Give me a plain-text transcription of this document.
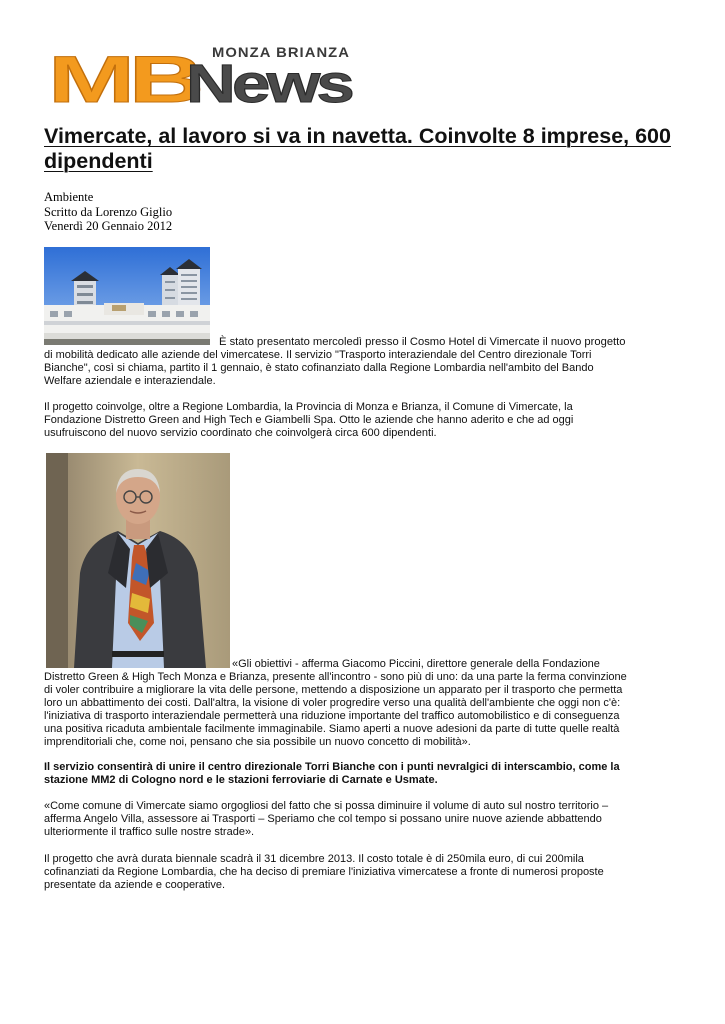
MB
News
MONZA BRIANZA
Vimercate, al lavoro si va in navetta. Coinvolte 8 imprese, 600
dipendenti
Ambiente
Scritto da Lorenzo Giglio
Venerdì 20 Gennaio 2012

È stato presentato mercoledì presso il Cosmo Hotel di Vimercate il nuovo progetto
di mobilità dedicato alle aziende del vimercatese. Il servizio "Trasporto interaziendale del Centro direzionale Torri
Bianche", così si chiama, partito il 1 gennaio, è stato cofinanziato dalla Regione Lombardia nell'ambito del Bando
Welfare aziendale e interaziendale.

Il progetto coinvolge, oltre a Regione Lombardia, la Provincia di Monza e Brianza, il Comune di Vimercate, la
Fondazione Distretto Green and High Tech e Giambelli Spa. Otto le aziende che hanno aderito e che ad oggi
usufruiscono del nuovo servizio coordinato che coinvolgerà circa 600 dipendenti.

«Gli obiettivi - afferma Giacomo Piccini, direttore generale della Fondazione
Distretto Green & High Tech Monza e Brianza, presente all'incontro - sono più di uno: da una parte la ferma convinzione
di voler contribuire a migliorare la vita delle persone, mettendo a disposizione un apparato per il trasporto che permetta
loro un abbattimento dei costi. Dall'altra, la visione di voler progredire verso una qualità dell'ambiente che oggi non c'è:
l'iniziativa di trasporto interaziendale permetterà una riduzione importante del traffico automobilistico e di conseguenza
una positiva ricaduta ambientale facilmente immaginabile. Siamo aperti a nuove adesioni da parte di tutte quelle realtà
imprenditoriali che, come noi, pensano che sia possibile un nuovo concetto di mobilità».

Il servizio consentirà di unire il centro direzionale Torri Bianche con i punti nevralgici di interscambio, come la
stazione MM2 di Cologno nord e le stazioni ferroviarie di Carnate e Usmate.

«Come comune di Vimercate siamo orgogliosi del fatto che si possa diminuire il volume di auto sul nostro territorio –
afferma Angelo Villa, assessore ai Trasporti – Speriamo che col tempo si possano unire nuove aziende abbattendo
ulteriormente il traffico sulle nostre strade».

Il progetto che avrà durata biennale scadrà il 31 dicembre 2013. Il costo totale è di 250mila euro, di cui 200mila
cofinanziati da Regione Lombardia, che ha deciso di premiare l'iniziativa vimercatese a fronte di numerosi proposte
presentate da aziende e cooperative.
